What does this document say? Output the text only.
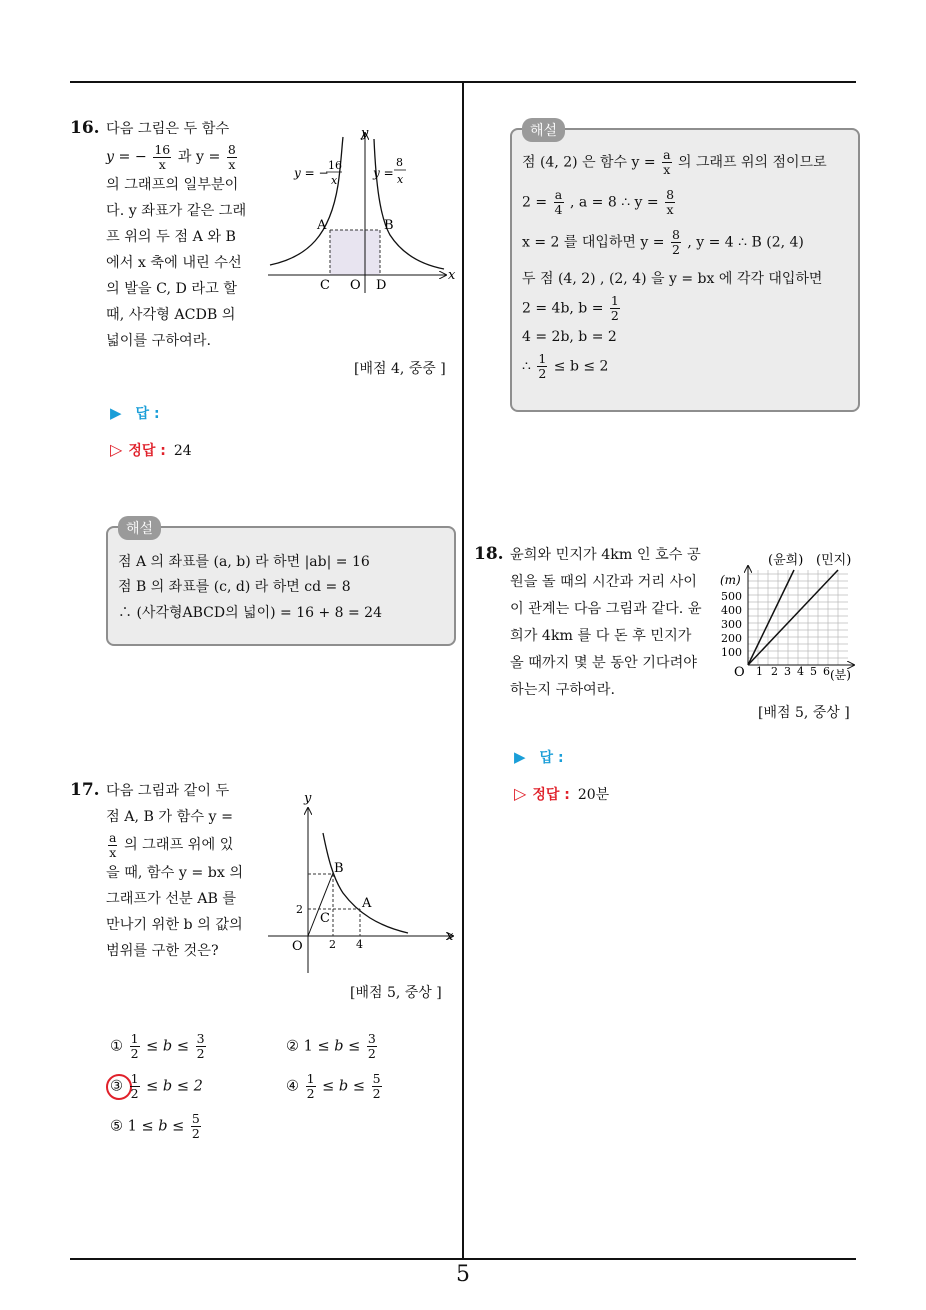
5
16. 다음 그림은 두 함수
y = − $\frac{16}{x}$ 과 $y = \frac{8}{x}$
의 그래프의 일부분이
다. y 좌표가 같은 그래
프 위의 두 점 A 와 B
에서 x 축에 내린 수선
의 발을 C, D 라고 할
때, 사각형 ACDB 의
넓이를 구하여라.
y
x
y = −
16
x
y =
8
x
A	B
C O D
[배점 4, 중중 ]
▶ 답 :
▷ 정답 : 24
해설
점 A 의 좌표를 (a, b) 라 하면 |ab| = 16
점 B 의 좌표를 (c, d) 라 하면 cd = 8
∴ (사각형ABCD의 넓이) = 16 + 8 = 24
17. 다음 그림과 같이 두
점 A, B 가 함수 y =
$\frac{a}{x}$ 의 그래프 위에 있
을 때, 함수 y = bx 의
그래프가 선분 AB 를
만나기 위한 b 의 값의
범위를 구한 것은?
y
x
O
B
A
C
2
2 4
[배점 5, 중상 ]
① $\frac{1}{2} \le b \le \frac{3}{2}$	② $1 \le b \le \frac{3}{2}$
③ $\frac{1}{2} \le b \le 2$	④ $\frac{1}{2} \le b \le \frac{5}{2}$
⑤ $1 \le b \le \frac{5}{2}$
해설
점 (4, 2) 은 함수 $y = \frac{a}{x}$ 의 그래프 위의 점이므로
$2 = \frac{a}{4}$ , a = 8 ∴ $y = \frac{8}{x}$
x = 2 를 대입하면 $y = \frac{8}{2}$ , y = 4 ∴ B (2, 4)
두 점 (4, 2) , (2, 4) 을 y = bx 에 각각 대입하면
2 = 4b, $b = \frac{1}{2}$
4 = 2b, b = 2
∴ $\frac{1}{2} \le b \le 2$
18. 윤희와 민지가 4km 인 호수 공
원을 돌 때의 시간과 거리 사이
이 관계는 다음 그림과 같다. 윤
희가 4km 를 다 돈 후 민지가
올 때까지 몇 분 동안 기다려야
하는지 구하여라.
(윤희) (민지)
(m)
500
400
300
200
100
O 1 2 3 4 5 6 (분)
[배점 5, 중상 ]
▶ 답 :
▷ 정답 : 20분
